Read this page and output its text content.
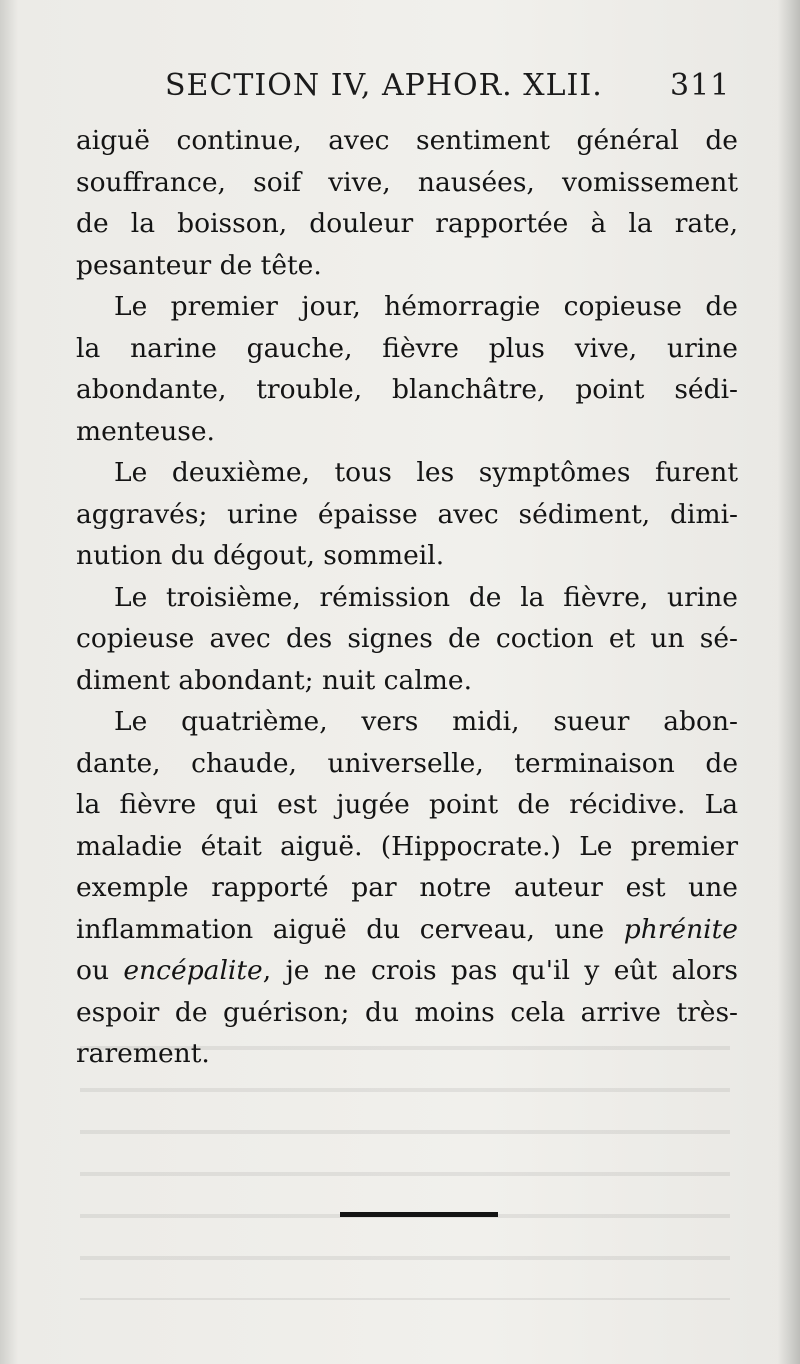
SECTION IV, APHOR. XLII. 311
aiguë continue, avec sentiment général de
souffrance, soif vive, nausées, vomissement
de la boisson, douleur rapportée à la rate,
pesanteur de tête.
Le premier jour, hémorragie copieuse de
la narine gauche, fièvre plus vive, urine
abondante, trouble, blanchâtre, point sédi-
menteuse.
Le deuxième, tous les symptômes furent
aggravés; urine épaisse avec sédiment, dimi-
nution du dégout, sommeil.
Le troisième, rémission de la fièvre, urine
copieuse avec des signes de coction et un sé-
diment abondant; nuit calme.
Le quatrième, vers midi, sueur abon-
dante, chaude, universelle, terminaison de
la fièvre qui est jugée point de récidive. La
maladie était aiguë. (Hippocrate.) Le premier
exemple rapporté par notre auteur est une
inflammation aiguë du cerveau, une phrénite
ou encépalite, je ne crois pas qu'il y eût alors
espoir de guérison; du moins cela arrive très-
rarement.
